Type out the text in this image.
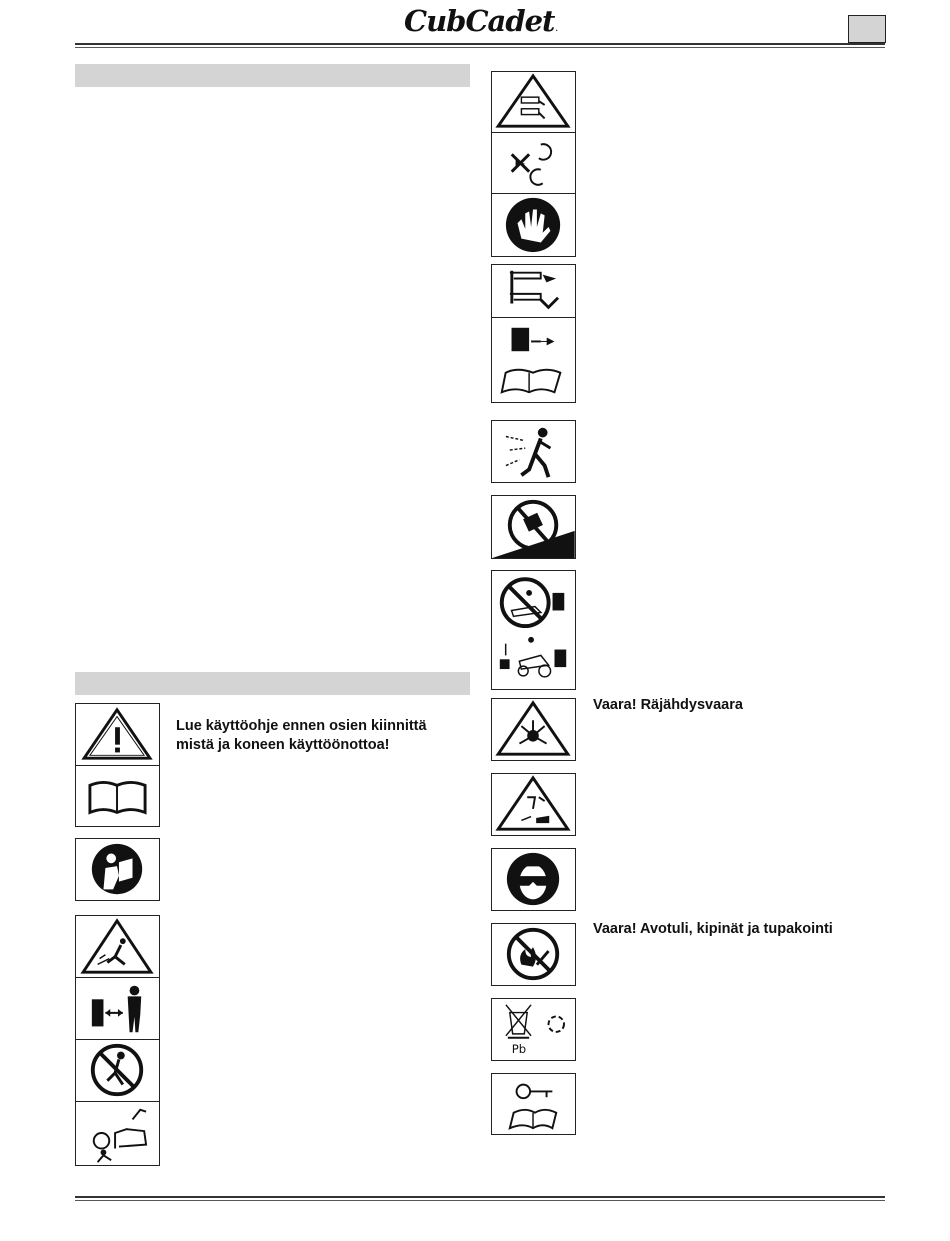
CubCadet.
Lue käyttöohje ennen osien kiinnittä mistä ja koneen käyttöönottoa!
Vaara! Räjähdysvaara
Vaara! Avotuli, kipinät ja tupakointi
Pb
